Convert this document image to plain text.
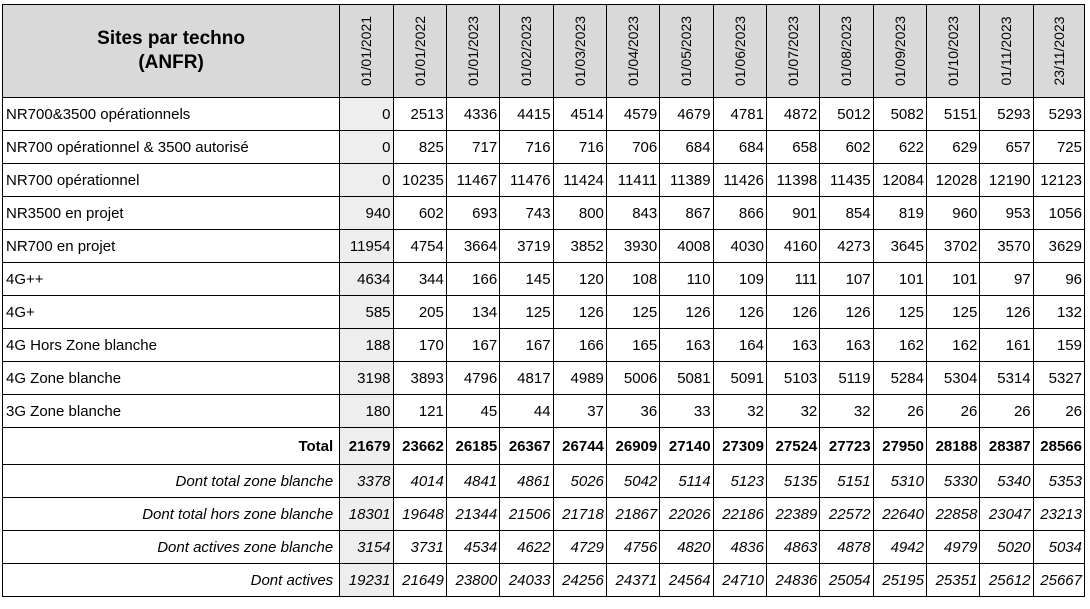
Sites par techno
(ANFR)	01/01/2021	01/01/2022	01/01/2023	01/02/2023	01/03/2023	01/04/2023	01/05/2023	01/06/2023	01/07/2023	01/08/2023	01/09/2023	01/10/2023	01/11/2023	23/11/2023

NR700&3500 opérationnels	0	2513	4336	4415	4514	4579	4679	4781	4872	5012	5082	5151	5293	5293
NR700 opérationnel & 3500 autorisé	0	825	717	716	716	706	684	684	658	602	622	629	657	725
NR700 opérationnel	0	10235	11467	11476	11424	11411	11389	11426	11398	11435	12084	12028	12190	12123
NR3500 en projet	940	602	693	743	800	843	867	866	901	854	819	960	953	1056
NR700 en projet	11954	4754	3664	3719	3852	3930	4008	4030	4160	4273	3645	3702	3570	3629
4G++	4634	344	166	145	120	108	110	109	111	107	101	101	97	96
4G+	585	205	134	125	126	125	126	126	126	126	125	125	126	132
4G Hors Zone blanche	188	170	167	167	166	165	163	164	163	163	162	162	161	159
4G Zone blanche	3198	3893	4796	4817	4989	5006	5081	5091	5103	5119	5284	5304	5314	5327
3G Zone blanche	180	121	45	44	37	36	33	32	32	32	26	26	26	26
Total	21679	23662	26185	26367	26744	26909	27140	27309	27524	27723	27950	28188	28387	28566
Dont total zone blanche	3378	4014	4841	4861	5026	5042	5114	5123	5135	5151	5310	5330	5340	5353
Dont total hors zone blanche	18301	19648	21344	21506	21718	21867	22026	22186	22389	22572	22640	22858	23047	23213
Dont actives zone blanche	3154	3731	4534	4622	4729	4756	4820	4836	4863	4878	4942	4979	5020	5034
Dont actives	19231	21649	23800	24033	24256	24371	24564	24710	24836	25054	25195	25351	25612	25667
